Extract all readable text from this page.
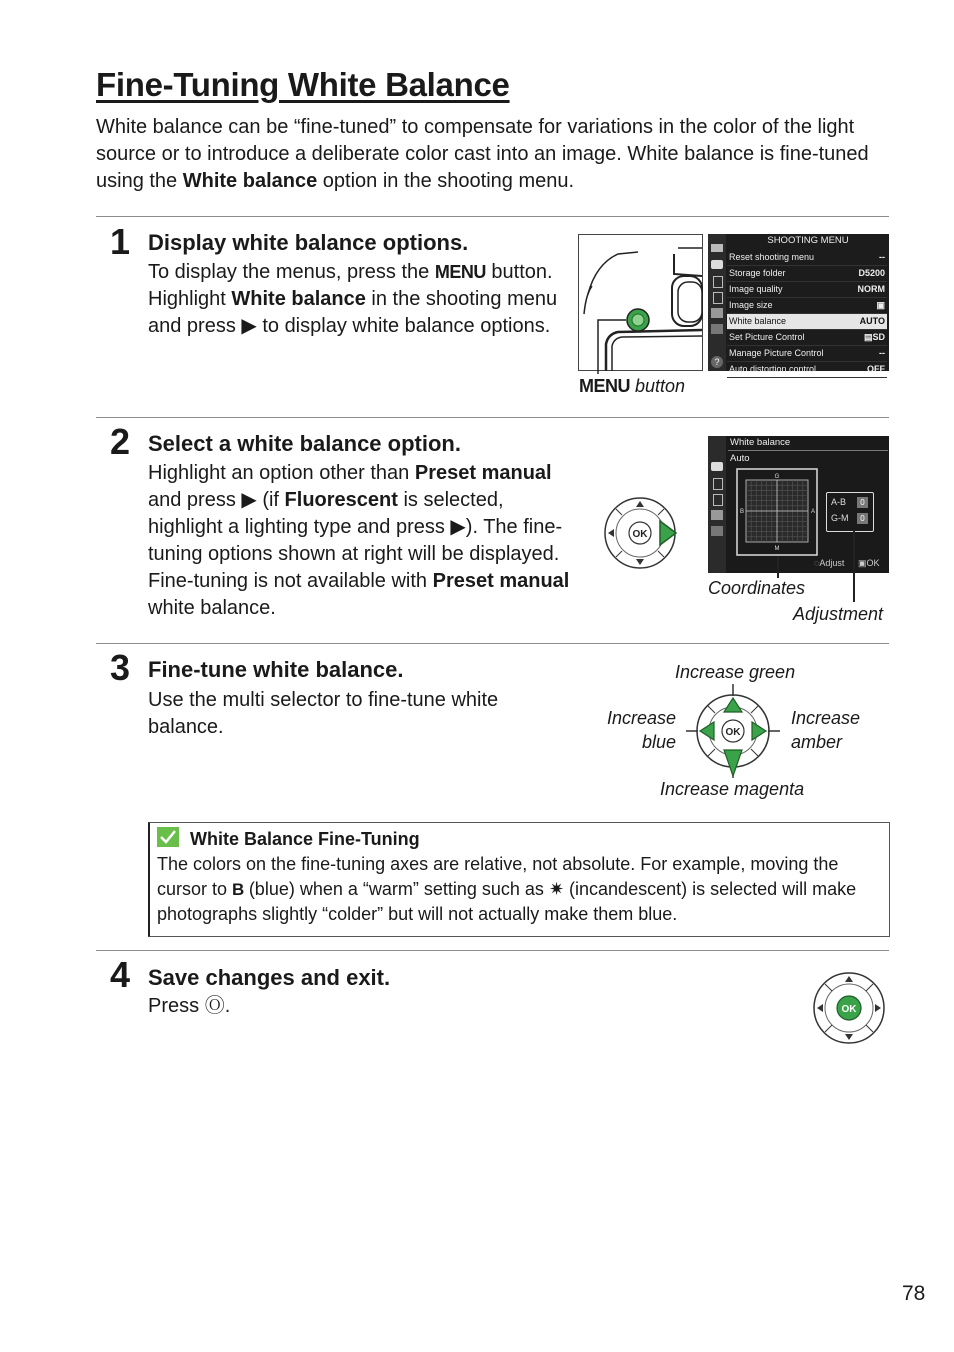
Fine-Tuning White Balance
White balance can be “fine-tuned” to compensate for variations in the color of the light source or to introduce a deliberate color cast into an image. White balance is fine-tuned using the White balance option in the shooting menu.
1 Display white balance options.
To display the menus, press the MENU button. Highlight White balance in the shooting menu and press ▶ to display white balance options.
?
SHOOTING MENU
Reset shooting menu	--
Storage folder	D5200
Image quality	NORM
Image size	▣
White balance	AUTO
Set Picture Control	▤SD
Manage Picture Control	--
Auto distortion control	OFF
MENU button
2 Select a white balance option.
Highlight an option other than Preset manual and press ▶ (if Fluorescent is selected, highlight a lighting type and press ▶). The fine-tuning options shown at right will be displayed. Fine-tuning is not available with Preset manual white balance.
OK
White balance
Auto
G
M
B	A
A-B	0
G-M	0
◌Adjust ▣OK
Coordinates
Adjustment
3 Fine-tune white balance.
Use the multi selector to fine-tune white balance.
Increase green
Increase
blue
Increase
amber
Increase magenta
OK
White Balance Fine-Tuning
The colors on the fine-tuning axes are relative, not absolute. For example, moving the cursor to B (blue) when a “warm” setting such as ✷ (incandescent) is selected will make photographs slightly “colder” but will not actually make them blue.
4 Save changes and exit.
Press Ⓞ.	OK
78
